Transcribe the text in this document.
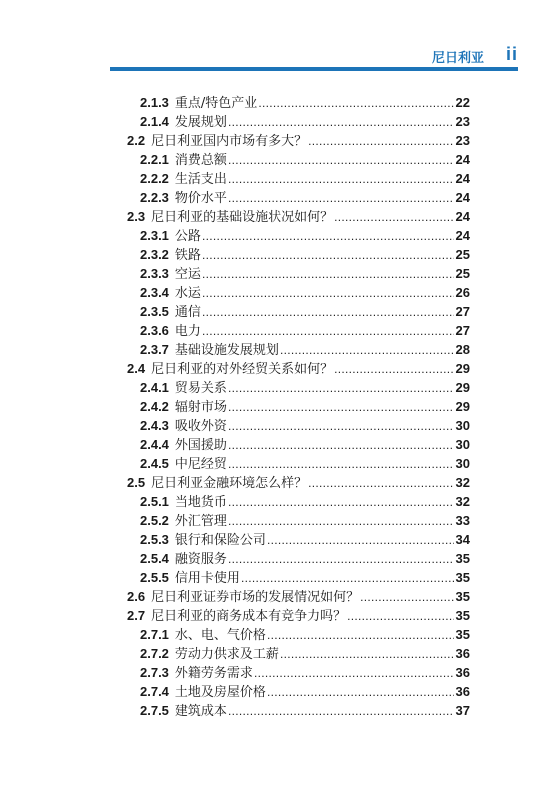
尼日利亚 ii
2.1.3 重点/特色产业 .....	22
2.1.4 发展规划 .....	23
2.2 尼日利亚国内市场有多大？ .....	23
2.2.1 消费总额 .....	24
2.2.2 生活支出 .....	24
2.2.3 物价水平 .....	24
2.3 尼日利亚的基础设施状况如何？ .....	24
2.3.1 公路 .....	24
2.3.2 铁路 .....	25
2.3.3 空运 .....	25
2.3.4 水运 .....	26
2.3.5 通信 .....	27
2.3.6 电力 .....	27
2.3.7 基础设施发展规划 .....	28
2.4 尼日利亚的对外经贸关系如何？ .....	29
2.4.1 贸易关系 .....	29
2.4.2 辐射市场 .....	29
2.4.3 吸收外资 .....	30
2.4.4 外国援助 .....	30
2.4.5 中尼经贸 .....	30
2.5 尼日利亚金融环境怎么样？ .....	32
2.5.1 当地货币 .....	32
2.5.2 外汇管理 .....	33
2.5.3 银行和保险公司 .....	34
2.5.4 融资服务 .....	35
2.5.5 信用卡使用 .....	35
2.6 尼日利亚证券市场的发展情况如何？ .....	35
2.7 尼日利亚的商务成本有竞争力吗？ .....	35
2.7.1 水、电、气价格 .....	35
2.7.2 劳动力供求及工薪 .....	36
2.7.3 外籍劳务需求 .....	36
2.7.4 土地及房屋价格 .....	36
2.7.5 建筑成本 .....	37
